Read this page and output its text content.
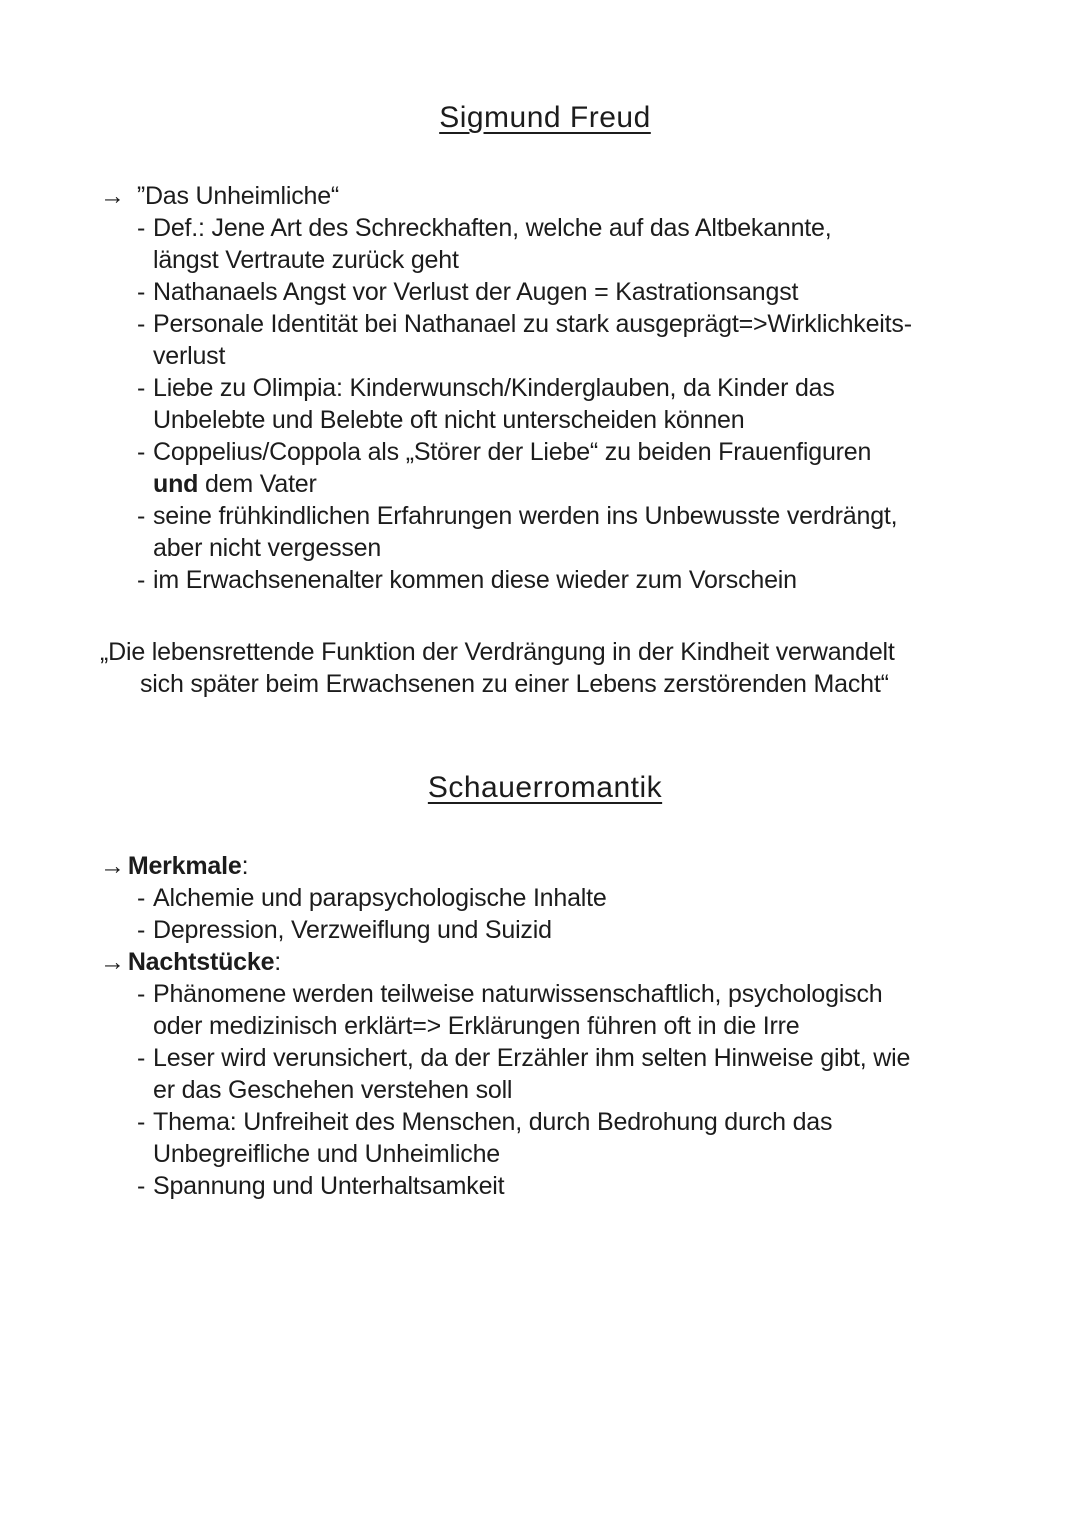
Sigmund Freud
→ ”Das Unheimliche“
- Def.: Jene Art des Schreckhaften, welche auf das Altbekannte,
längst Vertraute zurück geht
- Nathanaels Angst vor Verlust der Augen = Kastrationsangst
- Personale Identität bei Nathanael zu stark ausgeprägt=>Wirklichkeits-
verlust
- Liebe zu Olimpia: Kinderwunsch/Kinderglauben, da Kinder das
Unbelebte und Belebte oft nicht unterscheiden können
- Coppelius/Coppola als „Störer der Liebe“ zu beiden Frauenfiguren
und dem Vater
- seine frühkindlichen Erfahrungen werden ins Unbewusste verdrängt,
aber nicht vergessen
- im Erwachsenenalter kommen diese wieder zum Vorschein
„Die lebensrettende Funktion der Verdrängung in der Kindheit verwandelt
sich später beim Erwachsenen zu einer Lebens zerstörenden Macht“
Schauerromantik
→ Merkmale:
- Alchemie und parapsychologische Inhalte
- Depression, Verzweiflung und Suizid
→ Nachtstücke:
- Phänomene werden teilweise naturwissenschaftlich, psychologisch
oder medizinisch erklärt=> Erklärungen führen oft in die Irre
- Leser wird verunsichert, da der Erzähler ihm selten Hinweise gibt, wie
er das Geschehen verstehen soll
- Thema: Unfreiheit des Menschen, durch Bedrohung durch das
Unbegreifliche und Unheimliche
- Spannung und Unterhaltsamkeit
